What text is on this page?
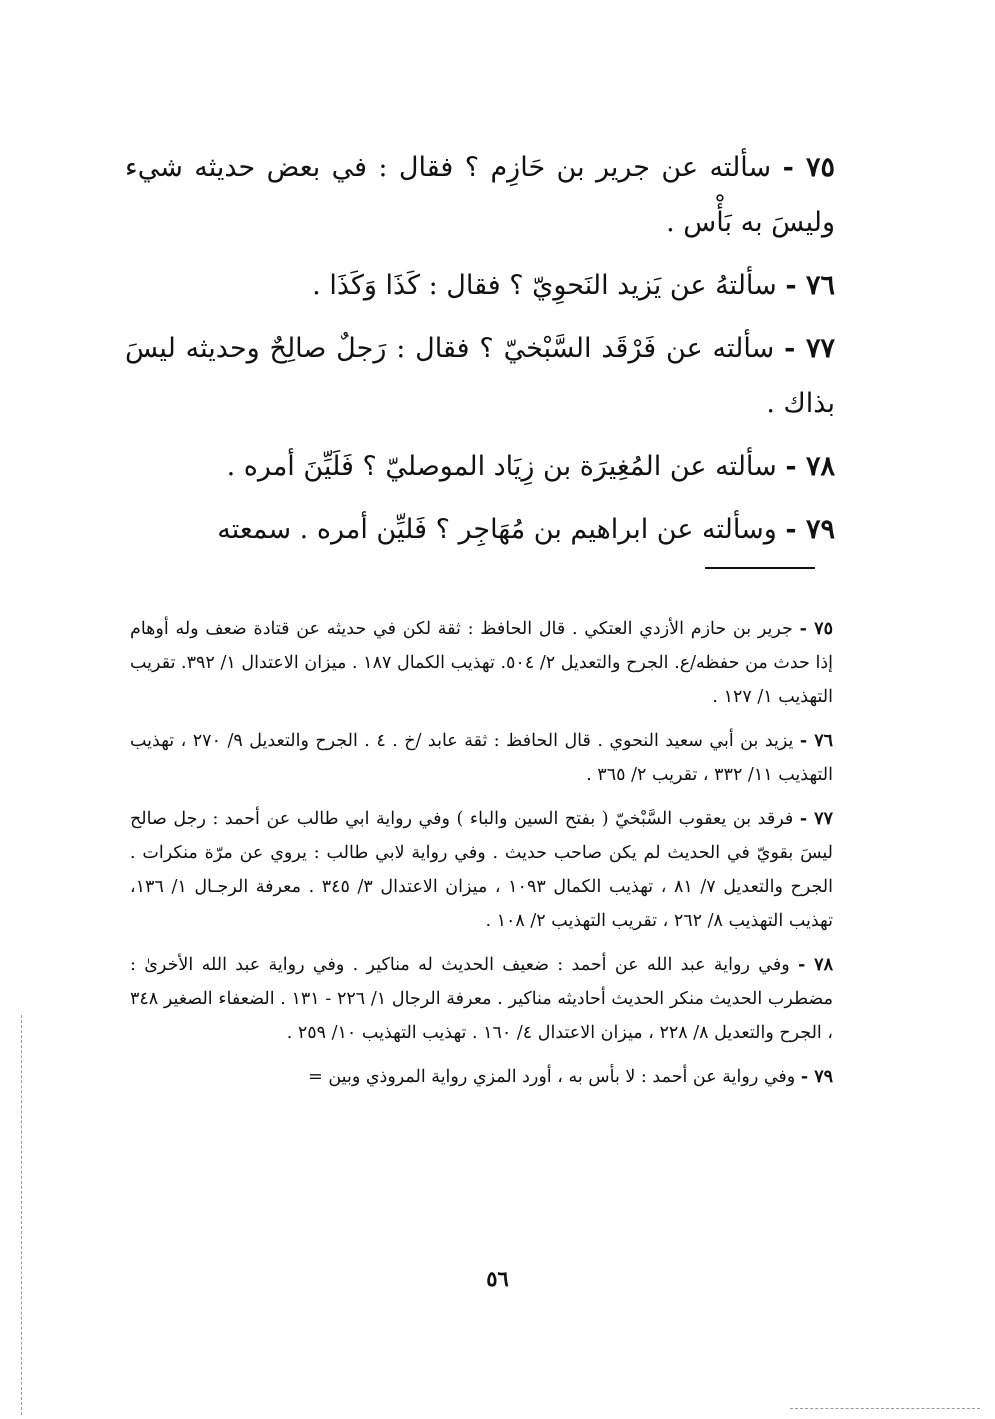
٧٥ - سألته عن جرير بن حَازِم ؟ فقال : في بعض حديثه شيء وليسَ به بَأْس .

٧٦ - سألتهُ عن يَزيد النَحوِيّ ؟ فقال : كَذَا وَكَذَا .

٧٧ - سألته عن فَرْقَد السَّبْخيّ ؟ فقال : رَجلٌ صالِحٌ وحديثه ليسَ بذاك .

٧٨ - سألته عن المُغِيرَة بن زِيَاد الموصليّ ؟ فَلَيِّنَ أمره .

٧٩ - وسألته عن ابراهيم بن مُهَاجِر ؟ فَليِّن أمره . سمعته

٧٥ - جرير بن حازم الأزدي العتكي . قال الحافظ : ثقة لكن في حديثه عن قتادة ضعف وله أوهام إذا حدث من حفظه/ع. الجرح والتعديل ٢/ ٥٠٤. تهذيب الكمال ١٨٧ . ميزان الاعتدال ١/ ٣٩٢. تقريب التهذيب ١/ ١٢٧ .

٧٦ - يزيد بن أبي سعيد النحوي . قال الحافظ : ثقة عابد /خ . ٤ . الجرح والتعديل ٩/ ٢٧٠ ، تهذيب التهذيب ١١/ ٣٣٢ ، تقريب ٢/ ٣٦٥ .

٧٧ - فرقد بن يعقوب السَّبْخيّ ( بفتح السين والباء ) وفي رواية ابي طالب عن أحمد : رجل صالح ليسَ بقويّ في الحديث لم يكن صاحب حديث . وفي رواية لابي طالب : يروي عن مرّة منكرات . الجرح والتعديل ٧/ ٨١ ، تهذيب الكمال ١٠٩٣ ، ميزان الاعتدال ٣/ ٣٤٥ . معرفة الرجـال ١/ ١٣٦، تهذيب التهذيب ٨/ ٢٦٢ ، تقريب التهذيب ٢/ ١٠٨ .

٧٨ - وفي رواية عبد الله عن أحمد : ضعيف الحديث له مناكير . وفي رواية عبد الله الأخرىٰ : مضطرب الحديث منكر الحديث أحاديثه مناكير . معرفة الرجال ١/ ٢٢٦ - ١٣١ . الضعفاء الصغير ٣٤٨ ، الجرح والتعديل ٨/ ٢٢٨ ، ميزان الاعتدال ٤/ ١٦٠ . تهذيب التهذيب ١٠/ ٢٥٩ .

٧٩ - وفي رواية عن أحمد : لا بأس به ، أورد المزي رواية المروذي وبين =

٥٦
